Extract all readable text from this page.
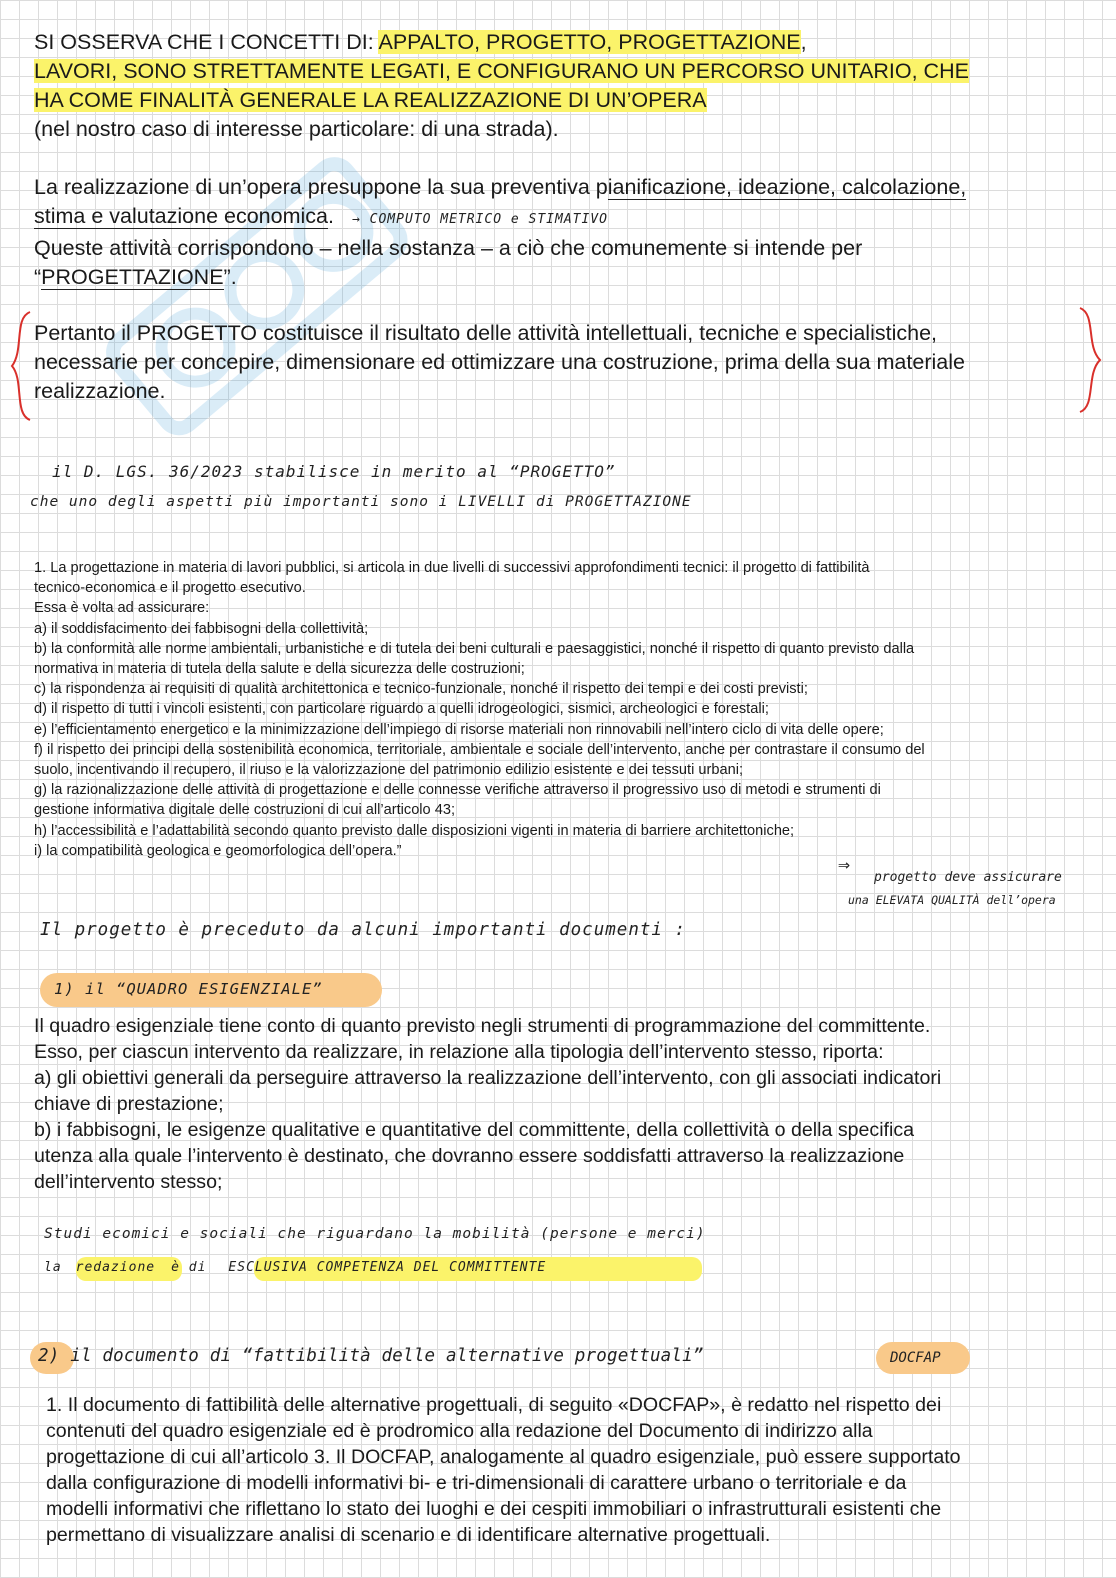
SI OSSERVA CHE I CONCETTI DI: APPALTO, PROGETTO, PROGETTAZIONE,
LAVORI, SONO STRETTAMENTE LEGATI, E CONFIGURANO UN PERCORSO UNITARIO, CHE
HA COME FINALITÀ GENERALE LA REALIZZAZIONE DI UN’OPERA
(nel nostro caso di interesse particolare: di una strada).
La realizzazione di un’opera presuppone la sua preventiva pianificazione, ideazione, calcolazione,
stima e valutazione economica. → COMPUTO METRICO e STIMATIVO
Queste attività corrispondono – nella sostanza – a ciò che comunemente si intende per
“PROGETTAZIONE”.
Pertanto il PROGETTO costituisce il risultato delle attività intellettuali, tecniche e specialistiche,
necessarie per concepire, dimensionare ed ottimizzare una costruzione, prima della sua materiale
realizzazione.
il D. LGS. 36/2023 stabilisce in merito al “PROGETTO”
che uno degli aspetti più importanti sono i LIVELLI di PROGETTAZIONE
1. La progettazione in materia di lavori pubblici, si articola in due livelli di successivi approfondimenti tecnici: il progetto di fattibilità
tecnico-economica e il progetto esecutivo.
Essa è volta ad assicurare:
a) il soddisfacimento dei fabbisogni della collettività;
b) la conformità alle norme ambientali, urbanistiche e di tutela dei beni culturali e paesaggistici, nonché il rispetto di quanto previsto dalla
normativa in materia di tutela della salute e della sicurezza delle costruzioni;
c) la rispondenza ai requisiti di qualità architettonica e tecnico-funzionale, nonché il rispetto dei tempi e dei costi previsti;
d) il rispetto di tutti i vincoli esistenti, con particolare riguardo a quelli idrogeologici, sismici, archeologici e forestali;
e) l’efficientamento energetico e la minimizzazione dell’impiego di risorse materiali non rinnovabili nell’intero ciclo di vita delle opere;
f) il rispetto dei principi della sostenibilità economica, territoriale, ambientale e sociale dell’intervento, anche per contrastare il consumo del
suolo, incentivando il recupero, il riuso e la valorizzazione del patrimonio edilizio esistente e dei tessuti urbani;
g) la razionalizzazione delle attività di progettazione e delle connesse verifiche attraverso il progressivo uso di metodi e strumenti di
gestione informativa digitale delle costruzioni di cui all’articolo 43;
h) l’accessibilità e l’adattabilità secondo quanto previsto dalle disposizioni vigenti in materia di barriere architettoniche;
i) la compatibilità geologica e geomorfologica dell’opera.”
⇒
progetto deve assicurare
una ELEVATA QUALITÀ dell’opera
Il progetto è preceduto da alcuni importanti documenti :
1) il “QUADRO ESIGENZIALE”
Il quadro esigenziale tiene conto di quanto previsto negli strumenti di programmazione del committente.
Esso, per ciascun intervento da realizzare, in relazione alla tipologia dell’intervento stesso, riporta:
a) gli obiettivi generali da perseguire attraverso la realizzazione dell’intervento, con gli associati indicatori
chiave di prestazione;
b) i fabbisogni, le esigenze qualitative e quantitative del committente, della collettività o della specifica
utenza alla quale l’intervento è destinato, che dovranno essere soddisfatti attraverso la realizzazione
dell’intervento stesso;
Studi ecomici e sociali che riguardano la mobilità (persone e merci)
la redazione è di ESCLUSIVA COMPETENZA DEL COMMITTENTE
2) il documento di “fattibilità delle alternative progettuali”	DOCFAP
1. Il documento di fattibilità delle alternative progettuali, di seguito «DOCFAP», è redatto nel rispetto dei
contenuti del quadro esigenziale ed è prodromico alla redazione del Documento di indirizzo alla
progettazione di cui all’articolo 3. Il DOCFAP, analogamente al quadro esigenziale, può essere supportato
dalla configurazione di modelli informativi bi- e tri-dimensionali di carattere urbano o territoriale e da
modelli informativi che riflettano lo stato dei luoghi e dei cespiti immobiliari o infrastrutturali esistenti che
permettano di visualizzare analisi di scenario e di identificare alternative progettuali.
